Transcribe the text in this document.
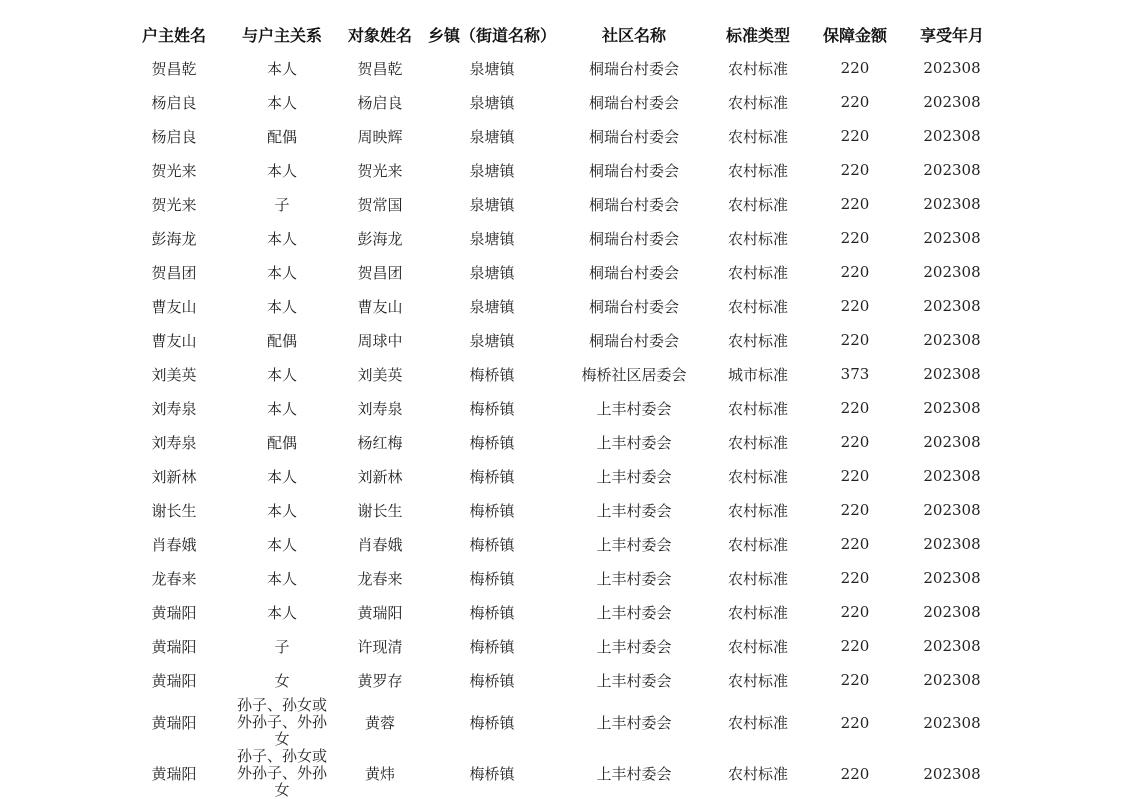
户主姓名	与户主关系	对象姓名	乡镇（街道名称）	社区名称	标准类型	保障金额	享受年月
贺昌乾	本人	贺昌乾	泉塘镇	桐瑞台村委会	农村标准	220	202308
杨启良	本人	杨启良	泉塘镇	桐瑞台村委会	农村标准	220	202308
杨启良	配偶	周映辉	泉塘镇	桐瑞台村委会	农村标准	220	202308
贺光来	本人	贺光来	泉塘镇	桐瑞台村委会	农村标准	220	202308
贺光来	子	贺常国	泉塘镇	桐瑞台村委会	农村标准	220	202308
彭海龙	本人	彭海龙	泉塘镇	桐瑞台村委会	农村标准	220	202308
贺昌团	本人	贺昌团	泉塘镇	桐瑞台村委会	农村标准	220	202308
曹友山	本人	曹友山	泉塘镇	桐瑞台村委会	农村标准	220	202308
曹友山	配偶	周球中	泉塘镇	桐瑞台村委会	农村标准	220	202308
刘美英	本人	刘美英	梅桥镇	梅桥社区居委会	城市标准	373	202308
刘寿泉	本人	刘寿泉	梅桥镇	上丰村委会	农村标准	220	202308
刘寿泉	配偶	杨红梅	梅桥镇	上丰村委会	农村标准	220	202308
刘新林	本人	刘新林	梅桥镇	上丰村委会	农村标准	220	202308
谢长生	本人	谢长生	梅桥镇	上丰村委会	农村标准	220	202308
肖春娥	本人	肖春娥	梅桥镇	上丰村委会	农村标准	220	202308
龙春来	本人	龙春来	梅桥镇	上丰村委会	农村标准	220	202308
黄瑞阳	本人	黄瑞阳	梅桥镇	上丰村委会	农村标准	220	202308
黄瑞阳	子	许现清	梅桥镇	上丰村委会	农村标准	220	202308
黄瑞阳	女	黄罗存	梅桥镇	上丰村委会	农村标准	220	202308
黄瑞阳	孙子、孙女或外孙子、外孙女	黄蓉	梅桥镇	上丰村委会	农村标准	220	202308
黄瑞阳	孙子、孙女或外孙子、外孙女	黄炜	梅桥镇	上丰村委会	农村标准	220	202308
